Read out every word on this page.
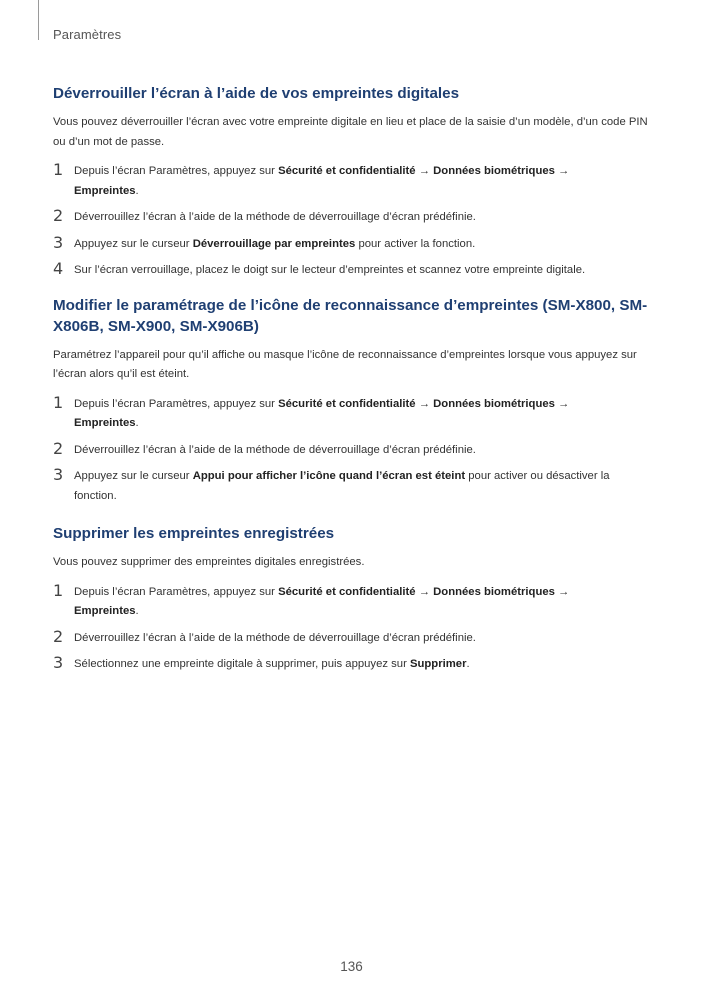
Paramètres
Déverrouiller l’écran à l’aide de vos empreintes digitales

Vous pouvez déverrouiller l’écran avec votre empreinte digitale en lieu et place de la saisie d’un modèle, d’un code PIN ou d’un mot de passe.

1 Depuis l’écran Paramètres, appuyez sur Sécurité et confidentialité → Données biométriques →
Empreintes.
2 Déverrouillez l’écran à l’aide de la méthode de déverrouillage d’écran prédéfinie.
3 Appuyez sur le curseur Déverrouillage par empreintes pour activer la fonction.
4 Sur l’écran verrouillage, placez le doigt sur le lecteur d’empreintes et scannez votre empreinte digitale.
Modifier le paramétrage de l’icône de reconnaissance d’empreintes (SM-X800, SM-X806B, SM-X900, SM-X906B)

Paramétrez l’appareil pour qu’il affiche ou masque l’icône de reconnaissance d’empreintes lorsque vous appuyez sur l’écran alors qu’il est éteint.

1 Depuis l’écran Paramètres, appuyez sur Sécurité et confidentialité → Données biométriques →
Empreintes.
2 Déverrouillez l’écran à l’aide de la méthode de déverrouillage d’écran prédéfinie.
3 Appuyez sur le curseur Appui pour afficher l’icône quand l’écran est éteint pour activer ou désactiver la fonction.
Supprimer les empreintes enregistrées

Vous pouvez supprimer des empreintes digitales enregistrées.

1 Depuis l’écran Paramètres, appuyez sur Sécurité et confidentialité → Données biométriques →
Empreintes.
2 Déverrouillez l’écran à l’aide de la méthode de déverrouillage d’écran prédéfinie.
3 Sélectionnez une empreinte digitale à supprimer, puis appuyez sur Supprimer.
136
